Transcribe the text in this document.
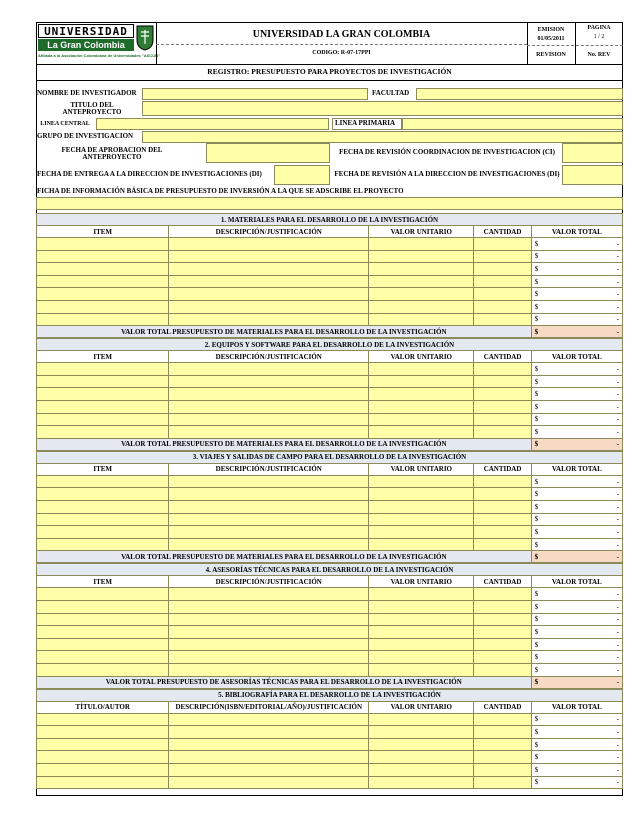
UNIVERSIDAD
La Gran Colombia
Afiliada a la Asociación Colombiana de Universidades "ASCUN"
UNIVERSIDAD LA GRAN COLOMBIA
CODIGO: R-07-17PPI
EMISION
01/05/2011
PAGINA
1 / 2
REVISION	No. REV
REGISTRO: PRESUPUESTO PARA PROYECTOS DE INVESTIGACIÓN
NOMBRE DE INVESTIGADOR	FACULTAD
TITULO DEL ANTEPROYECTO
LINEA CENTRAL	LINEA PRIMARIA
GRUPO DE INVESTIGACION
FECHA DE APROBACION DEL ANTEPROYECTO
FECHA DE REVISIÓN COORDINACION DE INVESTIGACION (CI)
FECHA DE ENTREGA A LA DIRECCION DE INVESTIGACIONES (DI)	FECHA DE REVISIÓN A LA DIRECCION DE INVESTIGACIONES (DI)
FICHA DE INFORMACIÓN BÁSICA DE PRESUPUESTO DE INVERSIÓN A LA QUE SE ADSCRIBE EL PROYECTO
1. MATERIALES PARA EL DESARROLLO DE LA INVESTIGACIÓN				
ITEM	DESCRIPCIÓN/JUSTIFICACIÓN	VALOR UNITARIO	CANTIDAD	VALOR TOTAL

				$ -

				$ -

				$ -

				$ -

				$ -

				$ -

				$ -

VALOR TOTAL PRESUPUESTO DE MATERIALES PARA EL DESARROLLO DE LA INVESTIGACIÓN				$ -
2. EQUIPOS Y SOFTWARE PARA EL DESARROLLO DE LA INVESTIGACIÓN				
ITEM	DESCRIPCIÓN/JUSTIFICACIÓN	VALOR UNITARIO	CANTIDAD	VALOR TOTAL

				$ -

				$ -

				$ -

				$ -

				$ -

				$ -

VALOR TOTAL PRESUPUESTO DE MATERIALES PARA EL DESARROLLO DE LA INVESTIGACIÓN				$ -
3. VIAJES Y SALIDAS DE CAMPO PARA EL DESARROLLO DE LA INVESTIGACIÓN				
ITEM	DESCRIPCIÓN/JUSTIFICACIÓN	VALOR UNITARIO	CANTIDAD	VALOR TOTAL

				$ -

				$ -

				$ -

				$ -

				$ -

				$ -

VALOR TOTAL PRESUPUESTO DE MATERIALES PARA EL DESARROLLO DE LA INVESTIGACIÓN				$ -
4. ASESORÍAS TÉCNICAS PARA EL DESARROLLO DE LA INVESTIGACIÓN				
ITEM	DESCRIPCIÓN/JUSTIFICACIÓN	VALOR UNITARIO	CANTIDAD	VALOR TOTAL

				$ -

				$ -

				$ -

				$ -

				$ -

				$ -

				$ -

VALOR TOTAL PRESUPUESTO DE ASESORÍAS TÉCNICAS PARA EL DESARROLLO DE LA INVESTIGACIÓN				$ -
5. BIBLIOGRAFÍA PARA EL DESARROLLO DE LA INVESTIGACIÓN				
TÍTULO/AUTOR	DESCRIPCIÓN(ISBN/EDITORIAL/AÑO)/JUSTIFICACIÓN	VALOR UNITARIO	CANTIDAD	VALOR TOTAL

				$ -

				$ -

				$ -

				$ -

				$ -

				$ -
